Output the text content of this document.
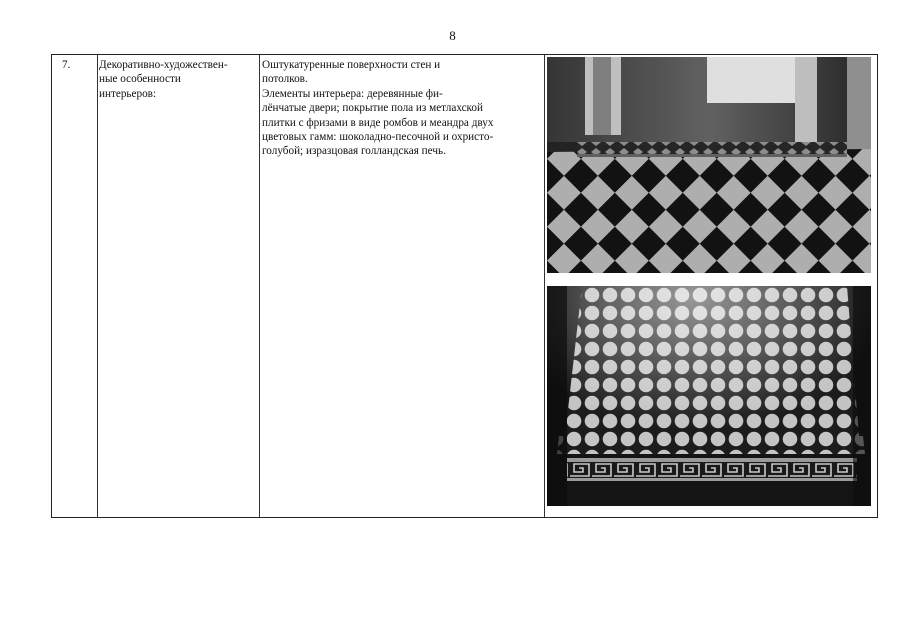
8
7.	Декоративно-художествен-
ные особенности
интерьеров:
Оштукатуренные поверхности стен и
потолков.
Элементы интерьера: деревянные фи-
лёнчатые двери; покрытие пола из метлахской
плитки с фризами в виде ромбов и меандра двух
цветовых гамм: шоколадно-песочной и охристо-
голубой; изразцовая голландская печь.
